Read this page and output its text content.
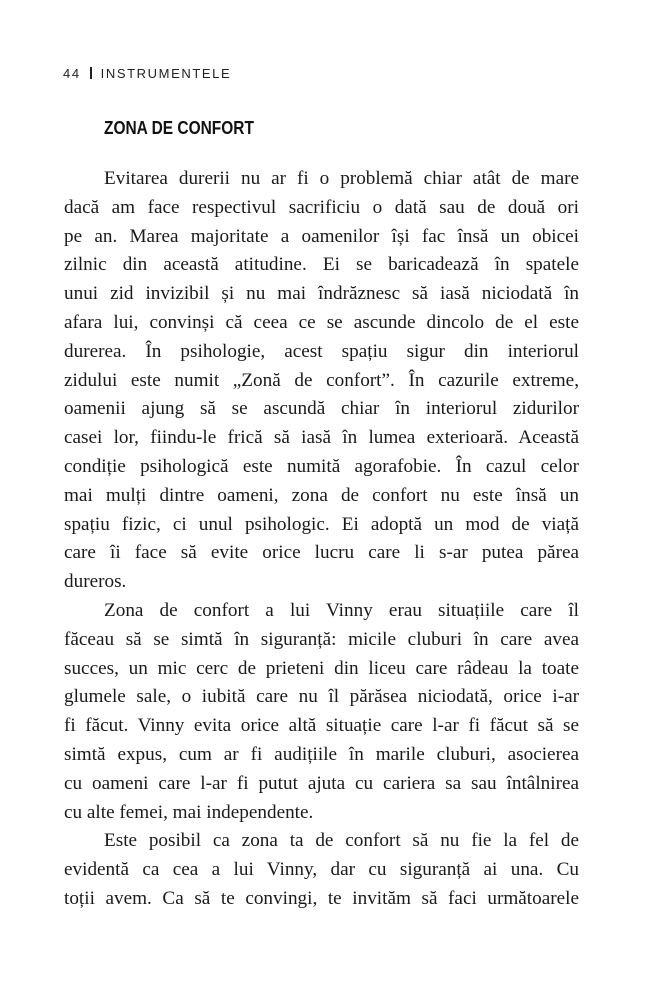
44 INSTRUMENTELE
ZONA DE CONFORT

Evitarea durerii nu ar fi o problemă chiar atât de mare
dacă am face respectivul sacrificiu o dată sau de două ori
pe an. Marea majoritate a oamenilor își fac însă un obicei
zilnic din această atitudine. Ei se baricadează în spatele
unui zid invizibil și nu mai îndrăznesc să iasă niciodată în
afara lui, convinși că ceea ce se ascunde dincolo de el este
durerea. În psihologie, acest spațiu sigur din interiorul
zidului este numit „Zonă de confort”. În cazurile extreme,
oamenii ajung să se ascundă chiar în interiorul zidurilor
casei lor, fiindu-le frică să iasă în lumea exterioară. Această
condiție psihologică este numită agorafobie. În cazul celor
mai mulți dintre oameni, zona de confort nu este însă un
spațiu fizic, ci unul psihologic. Ei adoptă un mod de viață
care îi face să evite orice lucru care li s-ar putea părea
dureros.

Zona de confort a lui Vinny erau situațiile care îl
făceau să se simtă în siguranță: micile cluburi în care avea
succes, un mic cerc de prieteni din liceu care râdeau la toate
glumele sale, o iubită care nu îl părăsea niciodată, orice i-ar
fi făcut. Vinny evita orice altă situație care l-ar fi făcut să se
simtă expus, cum ar fi audițiile în marile cluburi, asocierea
cu oameni care l-ar fi putut ajuta cu cariera sa sau întâlnirea
cu alte femei, mai independente.

Este posibil ca zona ta de confort să nu fie la fel de
evidentă ca cea a lui Vinny, dar cu siguranță ai una. Cu
toții avem. Ca să te convingi, te invităm să faci următoarele
